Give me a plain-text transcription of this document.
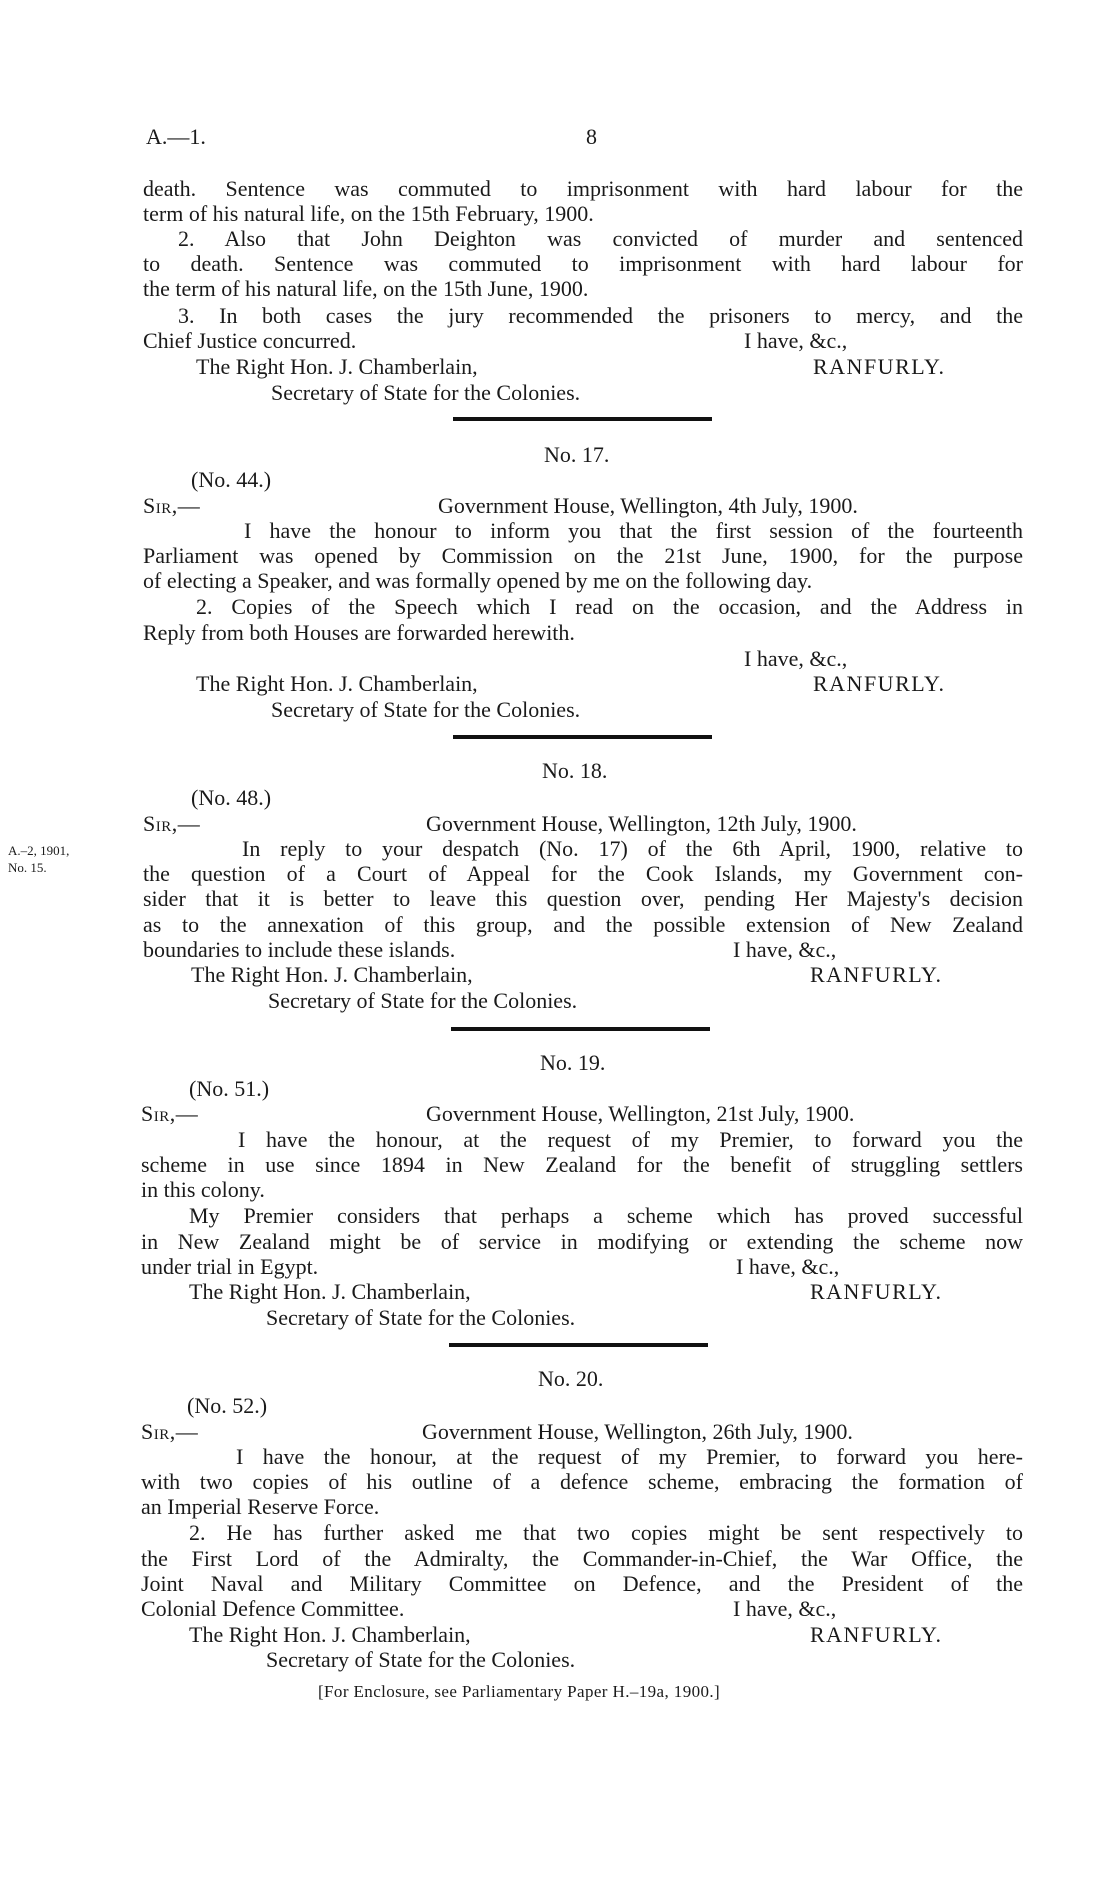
A.—1.	8
death. Sentence was commuted to imprisonment with hard labour for the
term of his natural life, on the 15th February, 1900.
2. Also that John Deighton was convicted of murder and sentenced
to death. Sentence was commuted to imprisonment with hard labour for
the term of his natural life, on the 15th June, 1900.
3. In both cases the jury recommended the prisoners to mercy, and the
Chief Justice concurred.	I have, &c.,
The Right Hon. J. Chamberlain,	RANFURLY.
Secretary of State for the Colonies.
No. 17.
(No. 44.)
Sir,—	Government House, Wellington, 4th July, 1900.
I have the honour to inform you that the first session of the fourteenth
Parliament was opened by Commission on the 21st June, 1900, for the purpose
of electing a Speaker, and was formally opened by me on the following day.
2. Copies of the Speech which I read on the occasion, and the Address in
Reply from both Houses are forwarded herewith.
I have, &c.,
The Right Hon. J. Chamberlain,	RANFURLY.
Secretary of State for the Colonies.
No. 18.
(No. 48.)
Sir,—	Government House, Wellington, 12th July, 1900.
A.–2, 1901,
No. 15.
In reply to your despatch (No. 17) of the 6th April, 1900, relative to
the question of a Court of Appeal for the Cook Islands, my Government con-
sider that it is better to leave this question over, pending Her Majesty's decision
as to the annexation of this group, and the possible extension of New Zealand
boundaries to include these islands.	I have, &c.,
The Right Hon. J. Chamberlain,	RANFURLY.
Secretary of State for the Colonies.
No. 19.
(No. 51.)
Sir,—	Government House, Wellington, 21st July, 1900.
I have the honour, at the request of my Premier, to forward you the
scheme in use since 1894 in New Zealand for the benefit of struggling settlers
in this colony.
My Premier considers that perhaps a scheme which has proved successful
in New Zealand might be of service in modifying or extending the scheme now
under trial in Egypt.	I have, &c.,
The Right Hon. J. Chamberlain,	RANFURLY.
Secretary of State for the Colonies.
No. 20.
(No. 52.)
Sir,—	Government House, Wellington, 26th July, 1900.
I have the honour, at the request of my Premier, to forward you here-
with two copies of his outline of a defence scheme, embracing the formation of
an Imperial Reserve Force.
2. He has further asked me that two copies might be sent respectively to
the First Lord of the Admiralty, the Commander-in-Chief, the War Office, the
Joint Naval and Military Committee on Defence, and the President of the
Colonial Defence Committee.	I have, &c.,
The Right Hon. J. Chamberlain,	RANFURLY.
Secretary of State for the Colonies.
[For Enclosure, see Parliamentary Paper H.–19a, 1900.]
